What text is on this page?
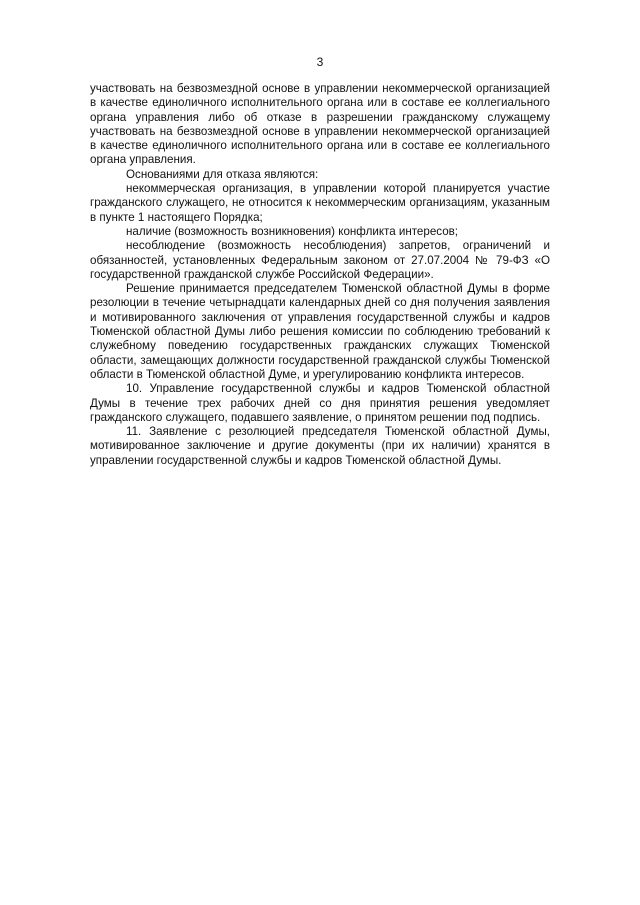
3

участвовать на безвозмездной основе в управлении некоммерческой организацией в качестве единоличного исполнительного органа или в составе ее коллегиального органа управления либо об отказе в разрешении гражданскому служащему участвовать на безвозмездной основе в управлении некоммерческой организацией в качестве единоличного исполнительного органа или в составе ее коллегиального органа управления.

Основаниями для отказа являются:

некоммерческая организация, в управлении которой планируется участие гражданского служащего, не относится к некоммерческим организациям, указанным в пункте 1 настоящего Порядка;

наличие (возможность возникновения) конфликта интересов;

несоблюдение (возможность несоблюдения) запретов, ограничений и обязанностей, установленных Федеральным законом от 27.07.2004 № 79-ФЗ «О государственной гражданской службе Российской Федерации».

Решение принимается председателем Тюменской областной Думы в форме резолюции в течение четырнадцати календарных дней со дня получения заявления и мотивированного заключения от управления государственной службы и кадров Тюменской областной Думы либо решения комиссии по соблюдению требований к служебному поведению государственных гражданских служащих Тюменской области, замещающих должности государственной гражданской службы Тюменской области в Тюменской областной Думе, и урегулированию конфликта интересов.

10. Управление государственной службы и кадров Тюменской областной Думы в течение трех рабочих дней со дня принятия решения уведомляет гражданского служащего, подавшего заявление, о принятом решении под подпись.

11. Заявление с резолюцией председателя Тюменской областной Думы, мотивированное заключение и другие документы (при их наличии) хранятся в управлении государственной службы и кадров Тюменской областной Думы.
